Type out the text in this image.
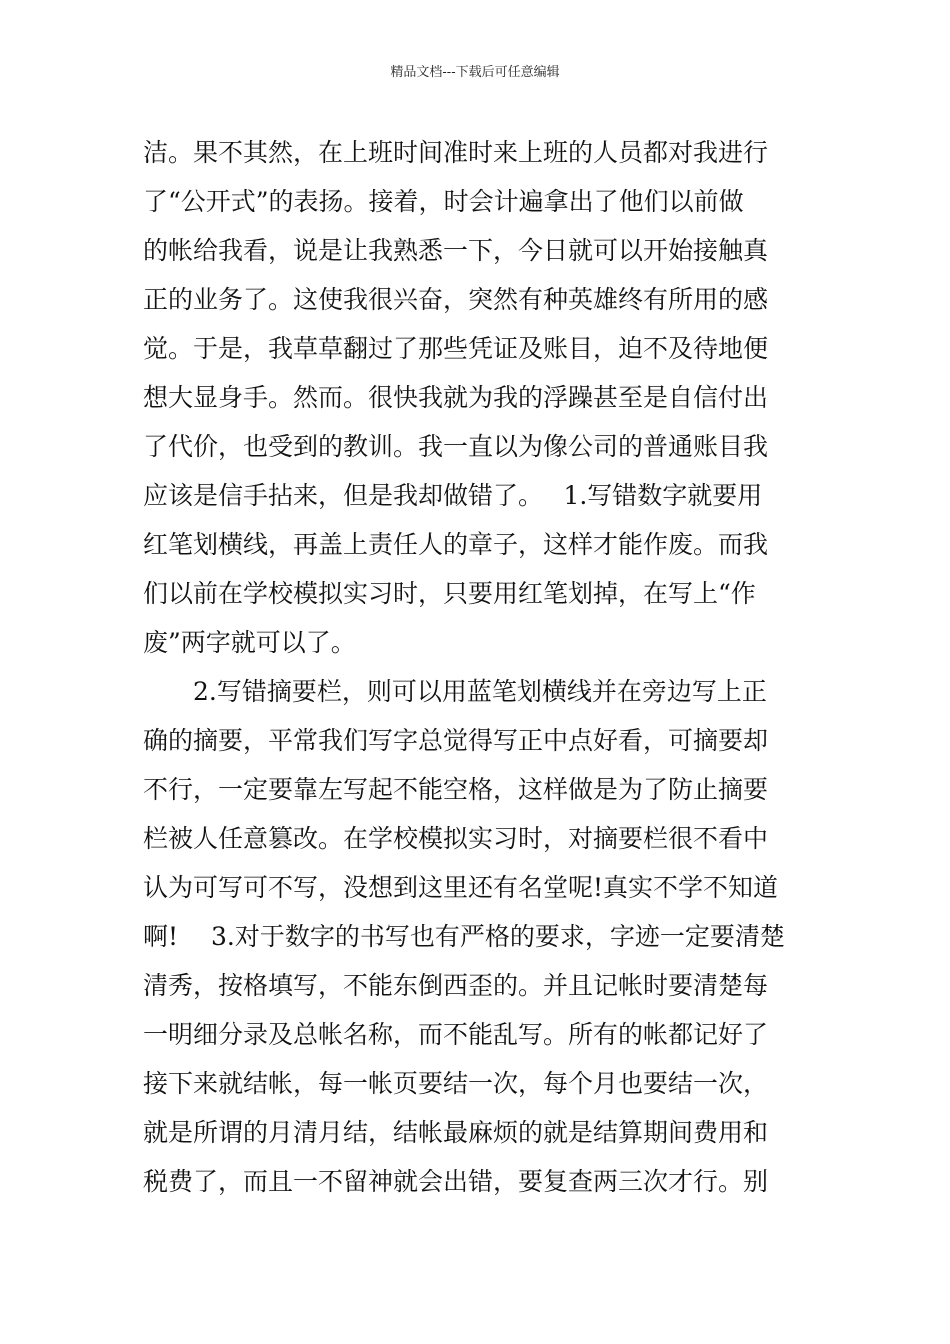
精品文档---下载后可任意编辑
洁。果不其然，在上班时间准时来上班的人员都对我进行
了“公开式”的表扬。接着，时会计遍拿出了他们以前做
的帐给我看，说是让我熟悉一下，今日就可以开始接触真
正的业务了。这使我很兴奋，突然有种英雄终有所用的感
觉。于是，我草草翻过了那些凭证及账目，迫不及待地便
想大显身手。然而。很快我就为我的浮躁甚至是自信付出
了代价，也受到的教训。我一直以为像公司的普通账目我
应该是信手拈来，但是我却做错了。　 1.写错数字就要用
红笔划横线，再盖上责任人的章子，这样才能作废。而我
们以前在学校模拟实习时，只要用红笔划掉，在写上“作
废”两字就可以了。
　　2.写错摘要栏，则可以用蓝笔划横线并在旁边写上正
确的摘要，平常我们写字总觉得写正中点好看，可摘要却
不行，一定要靠左写起不能空格，这样做是为了防止摘要
栏被人任意篡改。在学校模拟实习时，对摘要栏很不看中
认为可写可不写，没想到这里还有名堂呢!真实不学不知道
啊!　 3.对于数字的书写也有严格的要求，字迹一定要清楚
清秀，按格填写，不能东倒西歪的。并且记帐时要清楚每
一明细分录及总帐名称，而不能乱写。所有的帐都记好了
接下来就结帐，每一帐页要结一次，每个月也要结一次，
就是所谓的月清月结，结帐最麻烦的就是结算期间费用和
税费了，而且一不留神就会出错，要复查两三次才行。别
